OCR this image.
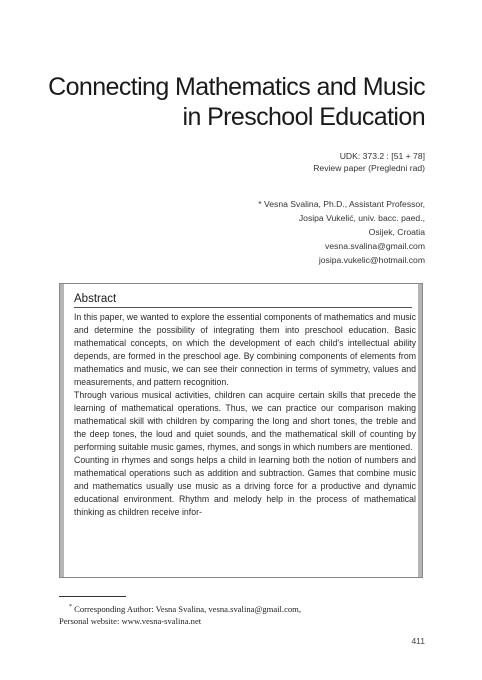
Connecting Mathematics and Music
in Preschool Education
UDK: 373.2 : [51 + 78]
Review paper (Pregledni rad)
* Vesna Svalina, Ph.D., Assistant Professor,
Josipa Vukelić, univ. bacc. paed.,
Osijek, Croatia
vesna.svalina@gmail.com
josipa.vukelic@hotmail.com
Abstract

In this paper, we wanted to explore the essential components of mathematics and music and determine the possibility of integrating them into preschool education. Basic mathematical concepts, on which the development of each child's intellectual ability depends, are formed in the preschool age. By combining components of elements from mathematics and music, we can see their connection in terms of symmetry, values and measurements, and pattern recognition.

Through various musical activities, children can acquire certain skills that precede the learning of mathematical operations. Thus, we can practice our comparison making mathematical skill with children by comparing the long and short tones, the treble and the deep tones, the loud and quiet sounds, and the mathematical skill of counting by performing suitable music games, rhymes, and songs in which numbers are mentioned.

Counting in rhymes and songs helps a child in learning both the notion of numbers and mathematical operations such as addition and subtraction. Games that combine music and mathematics usually use music as a driving force for a productive and dynamic educational environment. Rhythm and melody help in the process of mathematical thinking as children receive infor-

* Corresponding Author: Vesna Svalina, vesna.svalina@gmail.com,
Personal website: www.vesna-svalina.net
411
